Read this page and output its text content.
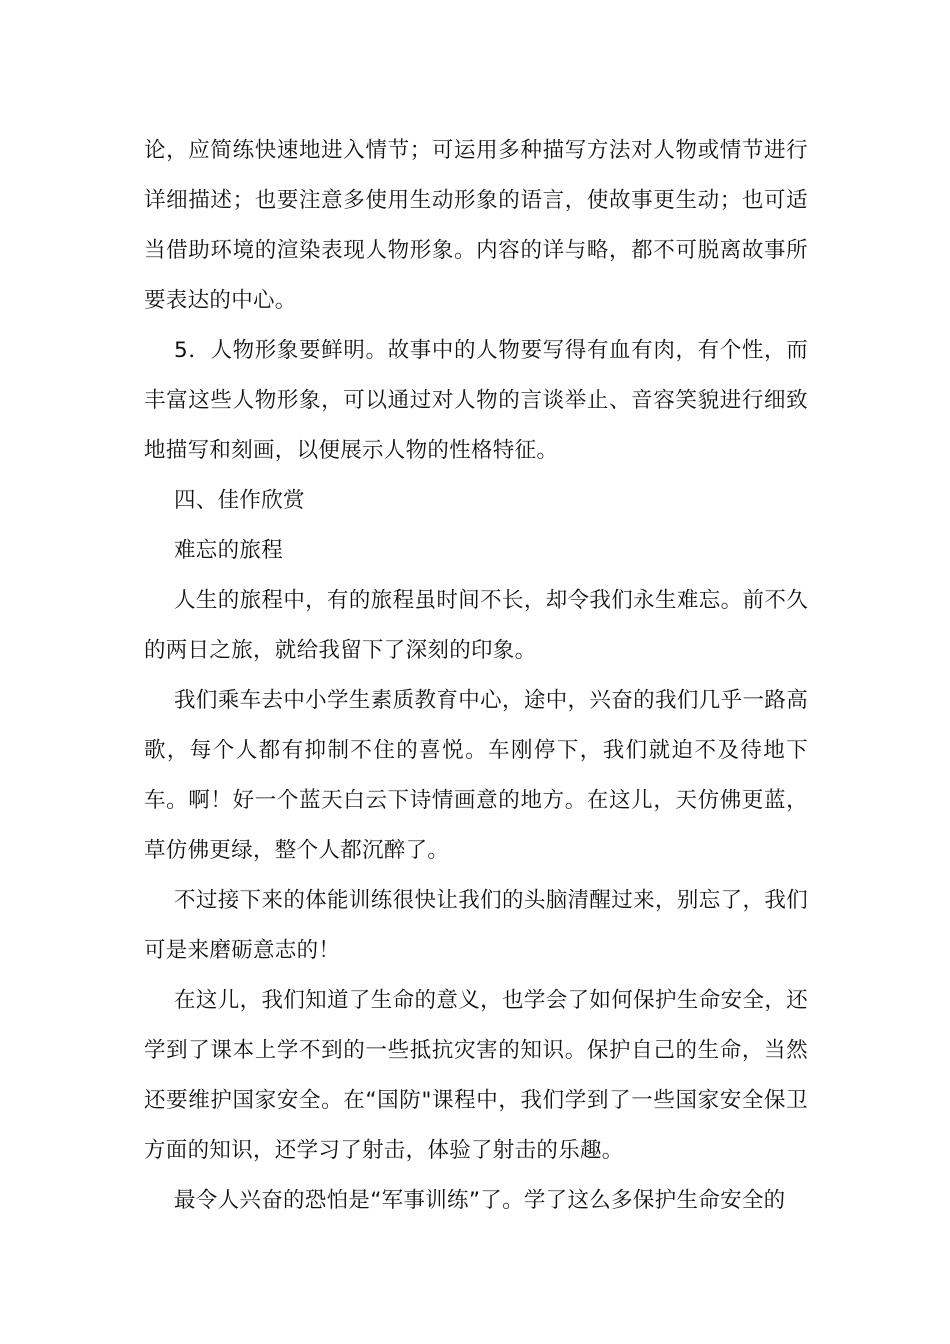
论，应简练快速地进入情节；可运用多种描写方法对人物或情节进行详细描述；也要注意多使用生动形象的语言，使故事更生动；也可适当借助环境的渲染表现人物形象。内容的详与略，都不可脱离故事所要表达的中心。

5．人物形象要鲜明。故事中的人物要写得有血有肉，有个性，而丰富这些人物形象，可以通过对人物的言谈举止、音容笑貌进行细致地描写和刻画，以便展示人物的性格特征。

四、佳作欣赏

难忘的旅程

人生的旅程中，有的旅程虽时间不长，却令我们永生难忘。前不久的两日之旅，就给我留下了深刻的印象。

我们乘车去中小学生素质教育中心，途中，兴奋的我们几乎一路高歌，每个人都有抑制不住的喜悦。车刚停下，我们就迫不及待地下车。啊！好一个蓝天白云下诗情画意的地方。在这儿，天仿佛更蓝，草仿佛更绿，整个人都沉醉了。

不过接下来的体能训练很快让我们的头脑清醒过来，别忘了，我们可是来磨砺意志的！

在这儿，我们知道了生命的意义，也学会了如何保护生命安全，还学到了课本上学不到的一些抵抗灾害的知识。保护自己的生命，当然还要维护国家安全。在“国防"课程中，我们学到了一些国家安全保卫方面的知识，还学习了射击，体验了射击的乐趣。

最令人兴奋的恐怕是“军事训练”了。学了这么多保护生命安全的
